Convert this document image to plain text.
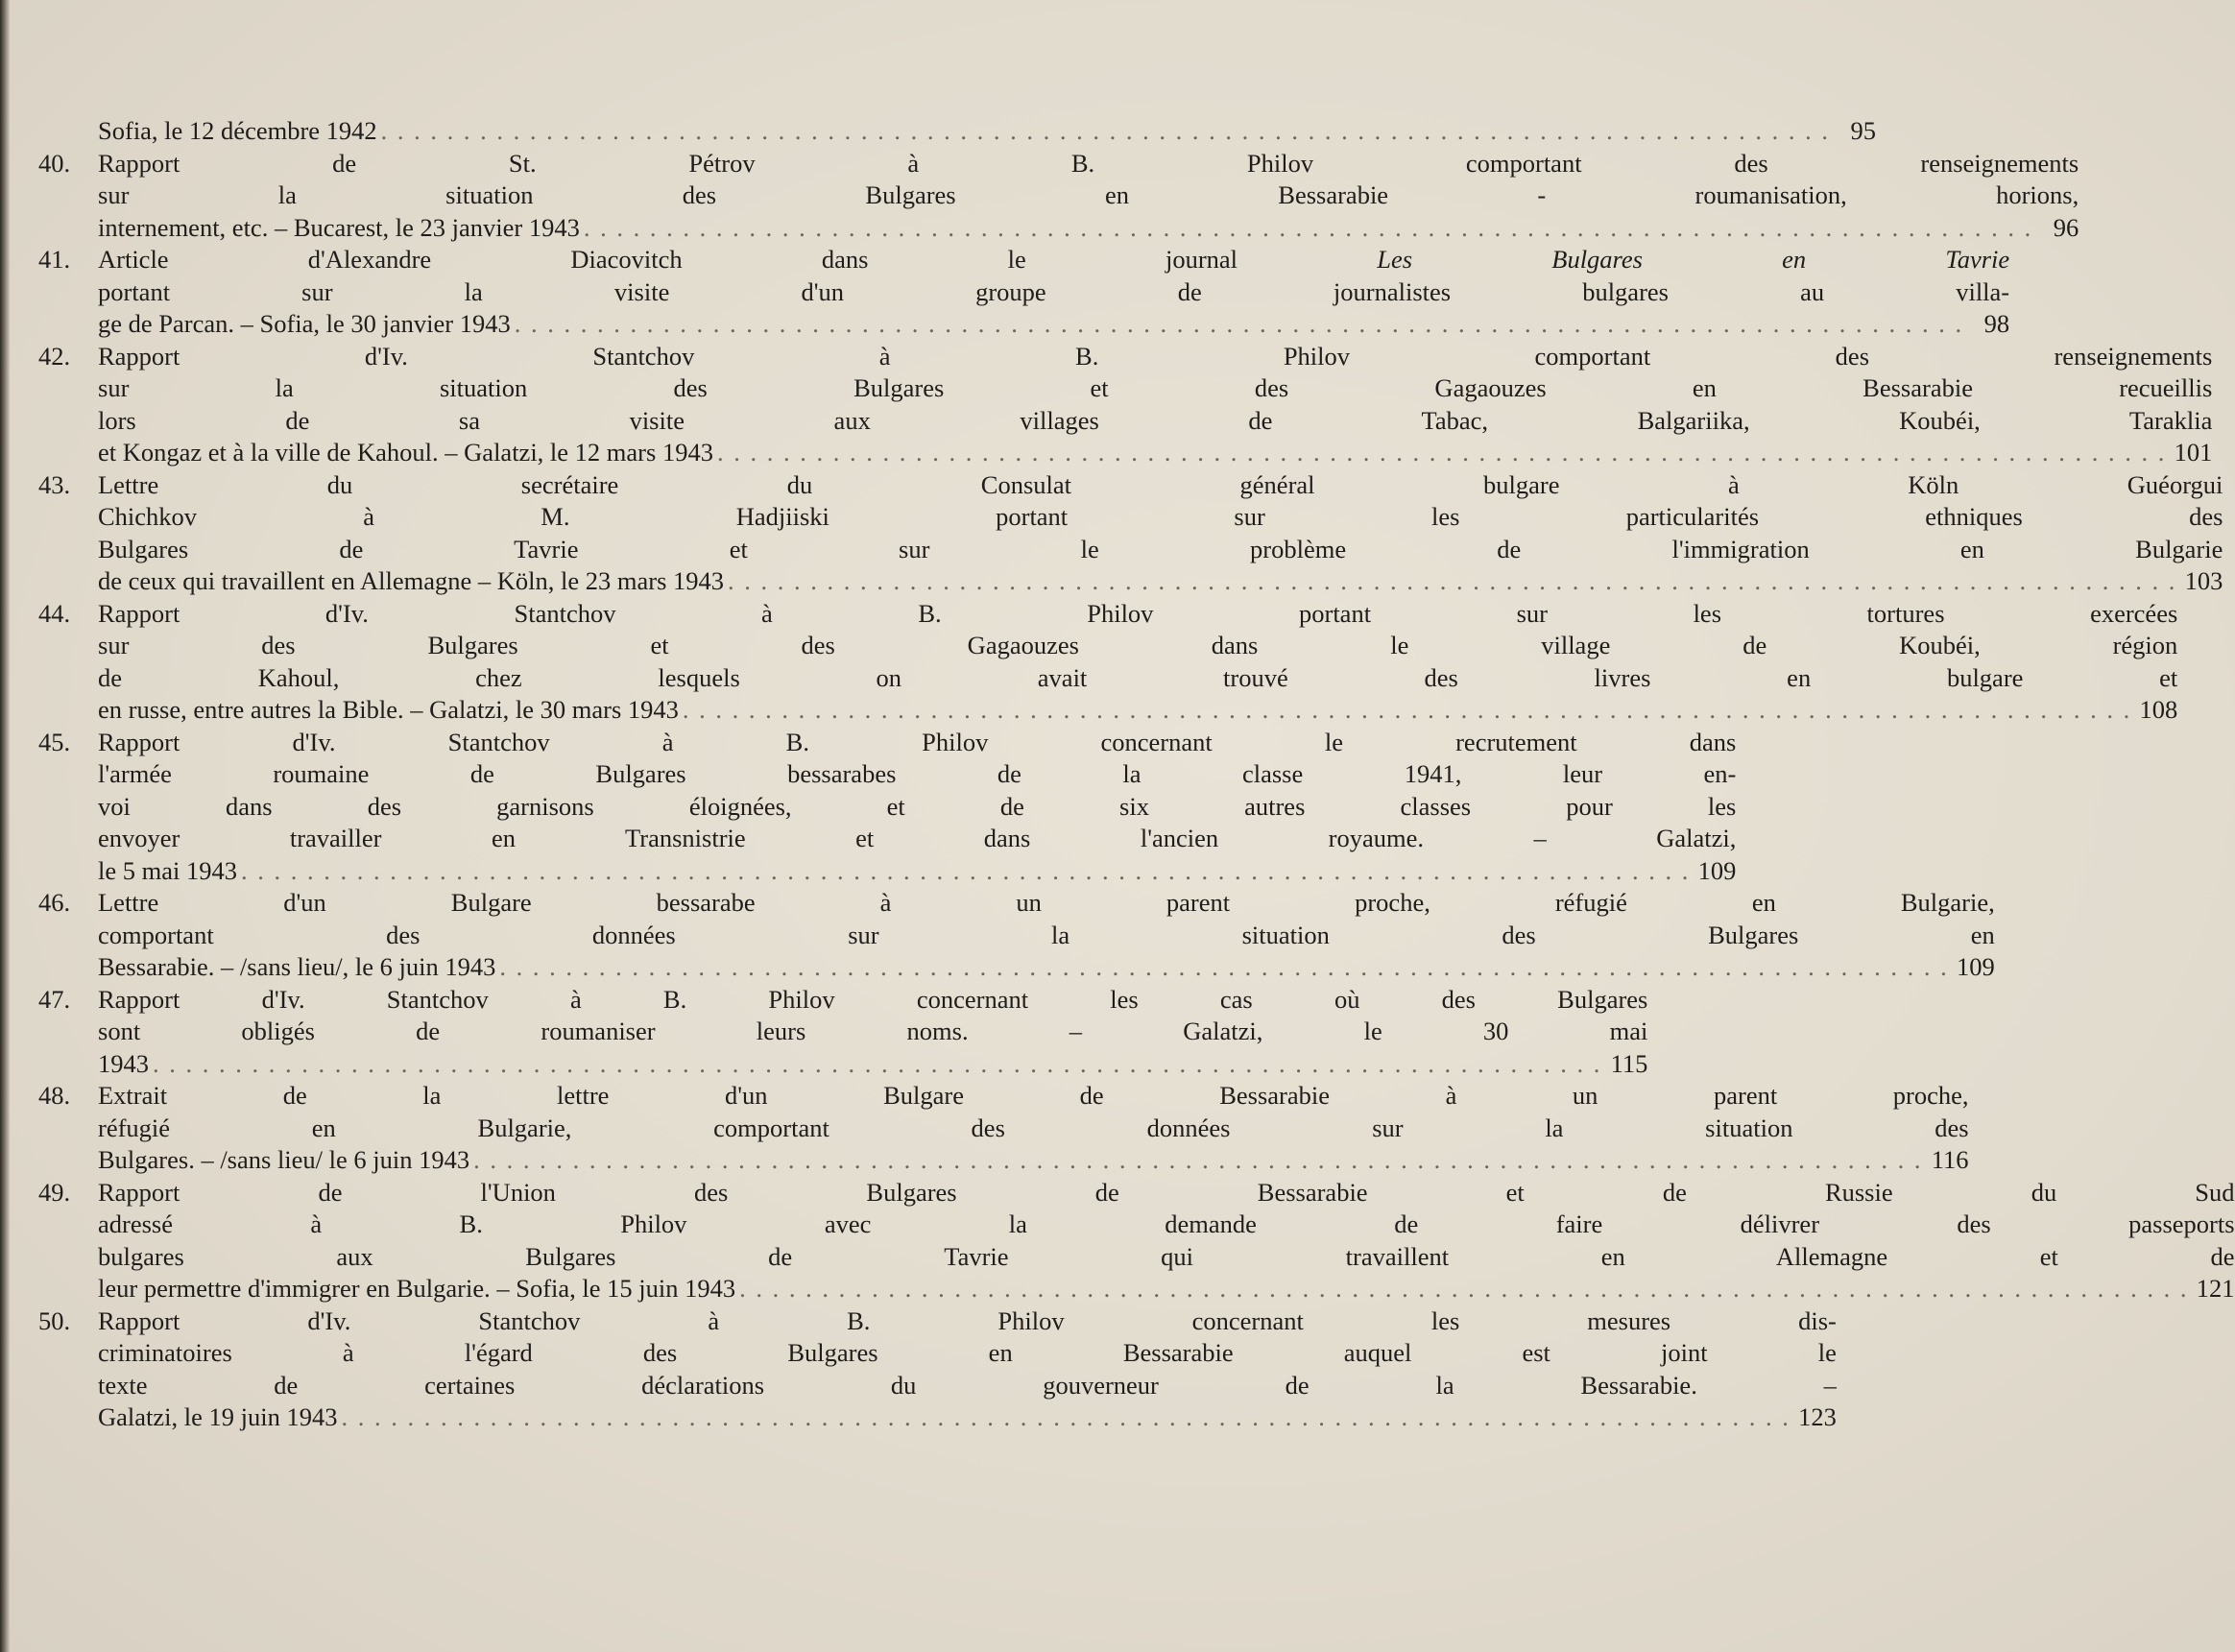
Sofia, le 12 décembre 1942 . . .	95
40.	Rapport de St. Pétrov à B. Philov comportant des renseignements
sur la situation des Bulgares en Bessarabie - roumanisation, horions,
internement, etc. – Bucarest, le 23 janvier 1943 . . .	96
41.	Article d'Alexandre Diacovitch dans le journal Les Bulgares en Tavrie
portant sur la visite d'un groupe de journalistes bulgares au villa-
ge de Parcan. – Sofia, le 30 janvier 1943 . . .	98
42.	Rapport d'Iv. Stantchov à B. Philov comportant des renseignements
sur la situation des Bulgares et des Gagaouzes en Bessarabie recueillis
lors de sa visite aux villages de Tabac, Balgariika, Koubéi, Taraklia
et Kongaz et à la ville de Kahoul. – Galatzi, le 12 mars 1943 . . .	101
43.	Lettre du secrétaire du Consulat général bulgare à Köln Guéorgui
Chichkov à M. Hadjiiski portant sur les particularités ethniques des
Bulgares de Tavrie et sur le problème de l'immigration en Bulgarie
de ceux qui travaillent en Allemagne – Köln, le 23 mars 1943 . . .	103
44.	Rapport d'Iv. Stantchov à B. Philov portant sur les tortures exercées
sur des Bulgares et des Gagaouzes dans le village de Koubéi, région
de Kahoul, chez lesquels on avait trouvé des livres en bulgare et
en russe, entre autres la Bible. – Galatzi, le 30 mars 1943 . . .	108
45.	Rapport d'Iv. Stantchov à B. Philov concernant le recrutement dans
l'armée roumaine de Bulgares bessarabes de la classe 1941, leur en-
voi dans des garnisons éloignées, et de six autres classes pour les
envoyer travailler en Transnistrie et dans l'ancien royaume. – Galatzi,
le 5 mai 1943 . . .	109
46.	Lettre d'un Bulgare bessarabe à un parent proche, réfugié en Bulgarie,
comportant des données sur la situation des Bulgares en
Bessarabie. – /sans lieu/, le 6 juin 1943 . . .	109
47.	Rapport d'Iv. Stantchov à B. Philov concernant les cas où des Bulgares
sont obligés de roumaniser leurs noms. – Galatzi, le 30 mai
1943 . . .	115
48.	Extrait de la lettre d'un Bulgare de Bessarabie à un parent proche,
réfugié en Bulgarie, comportant des données sur la situation des
Bulgares. – /sans lieu/ le 6 juin 1943 . . .	116
49.	Rapport de l'Union des Bulgares de Bessarabie et de Russie du Sud
adressé à B. Philov avec la demande de faire délivrer des passeports
bulgares aux Bulgares de Tavrie qui travaillent en Allemagne et de
leur permettre d'immigrer en Bulgarie. – Sofia, le 15 juin 1943 . . .	121
50.	Rapport d'Iv. Stantchov à B. Philov concernant les mesures dis-
criminatoires à l'égard des Bulgares en Bessarabie auquel est joint le
texte de certaines déclarations du gouverneur de la Bessarabie. –
Galatzi, le 19 juin 1943 . . .	123
